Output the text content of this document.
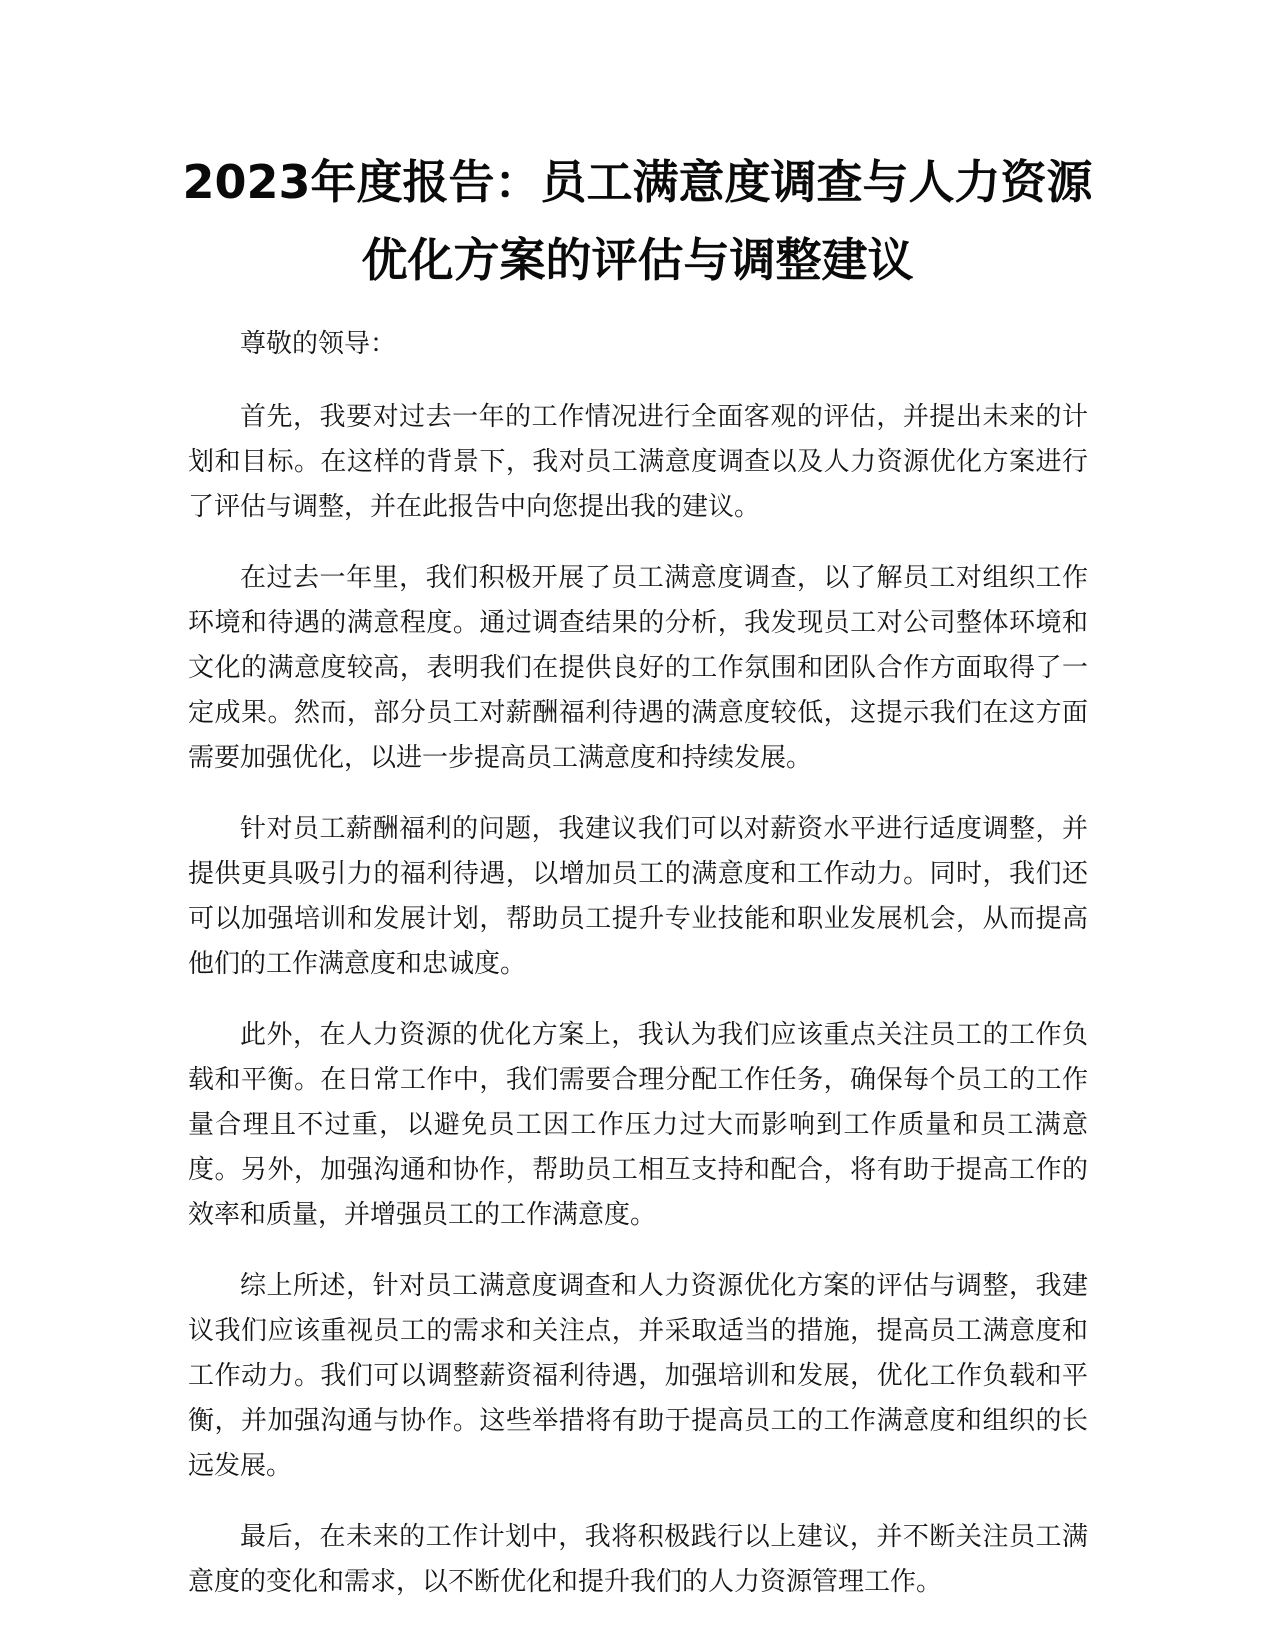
2023年度报告：员工满意度调查与人力资源
优化方案的评估与调整建议

尊敬的领导：

首先，我要对过去一年的工作情况进行全面客观的评估，并提出未来的计划和目标。在这样的背景下，我对员工满意度调查以及人力资源优化方案进行了评估与调整，并在此报告中向您提出我的建议。

在过去一年里，我们积极开展了员工满意度调查，以了解员工对组织工作环境和待遇的满意程度。通过调查结果的分析，我发现员工对公司整体环境和文化的满意度较高，表明我们在提供良好的工作氛围和团队合作方面取得了一定成果。然而，部分员工对薪酬福利待遇的满意度较低，这提示我们在这方面需要加强优化，以进一步提高员工满意度和持续发展。

针对员工薪酬福利的问题，我建议我们可以对薪资水平进行适度调整，并提供更具吸引力的福利待遇，以增加员工的满意度和工作动力。同时，我们还可以加强培训和发展计划，帮助员工提升专业技能和职业发展机会，从而提高他们的工作满意度和忠诚度。

此外，在人力资源的优化方案上，我认为我们应该重点关注员工的工作负载和平衡。在日常工作中，我们需要合理分配工作任务，确保每个员工的工作量合理且不过重，以避免员工因工作压力过大而影响到工作质量和员工满意度。另外，加强沟通和协作，帮助员工相互支持和配合，将有助于提高工作的效率和质量，并增强员工的工作满意度。

综上所述，针对员工满意度调查和人力资源优化方案的评估与调整，我建议我们应该重视员工的需求和关注点，并采取适当的措施，提高员工满意度和工作动力。我们可以调整薪资福利待遇，加强培训和发展，优化工作负载和平衡，并加强沟通与协作。这些举措将有助于提高员工的工作满意度和组织的长远发展。

最后，在未来的工作计划中，我将积极践行以上建议，并不断关注员工满意度的变化和需求，以不断优化和提升我们的人力资源管理工作。
